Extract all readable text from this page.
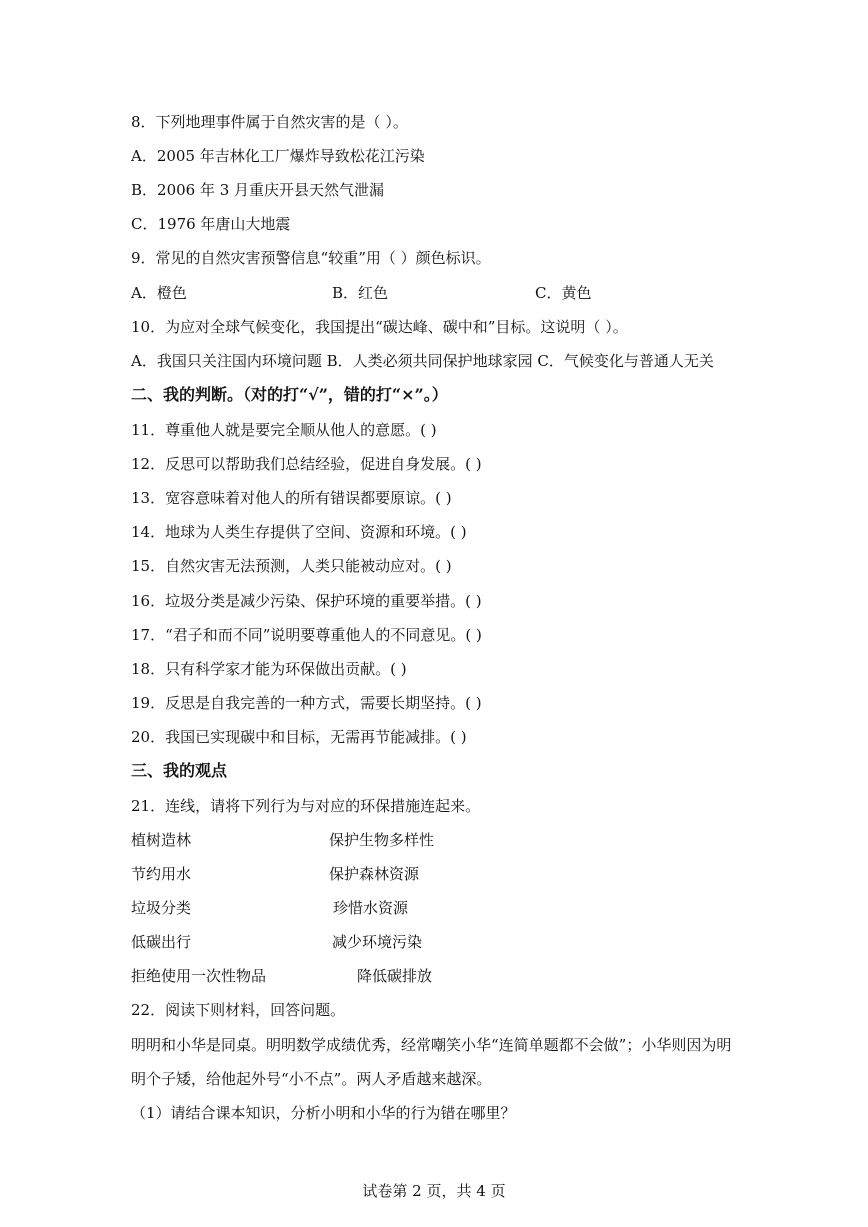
8．下列地理事件属于自然灾害的是（ ）。
A．2005 年吉林化工厂爆炸导致松花江污染
B．2006 年 3 月重庆开县天然气泄漏
C．1976 年唐山大地震
9．常见的自然灾害预警信息“较重”用（ ）颜色标识。
A．橙色	B．红色	C．黄色
10．为应对全球气候变化，我国提出“碳达峰、碳中和”目标。这说明（ ）。
A．我国只关注国内环境问题 B．人类必须共同保护地球家园 C．气候变化与普通人无关
二、我的判断。（对的打“√”，错的打“×”。）
11．尊重他人就是要完全顺从他人的意愿。( )
12．反思可以帮助我们总结经验，促进自身发展。( )
13．宽容意味着对他人的所有错误都要原谅。( )
14．地球为人类生存提供了空间、资源和环境。( )
15．自然灾害无法预测，人类只能被动应对。( )
16．垃圾分类是减少污染、保护环境的重要举措。( )
17．“君子和而不同”说明要尊重他人的不同意见。( )
18．只有科学家才能为环保做出贡献。( )
19．反思是自我完善的一种方式，需要长期坚持。( )
20．我国已实现碳中和目标，无需再节能减排。( )
三、我的观点
21．连线，请将下列行为与对应的环保措施连起来。
植树造林	保护生物多样性
节约用水	保护森林资源
垃圾分类	珍惜水资源
低碳出行	减少环境污染
拒绝使用一次性物品	降低碳排放
22．阅读下则材料，回答问题。
明明和小华是同桌。明明数学成绩优秀，经常嘲笑小华“连简单题都不会做”；小华则因为明
明个子矮，给他起外号“小不点”。两人矛盾越来越深。
（1）请结合课本知识，分析小明和小华的行为错在哪里？
试卷第 2 页，共 4 页
